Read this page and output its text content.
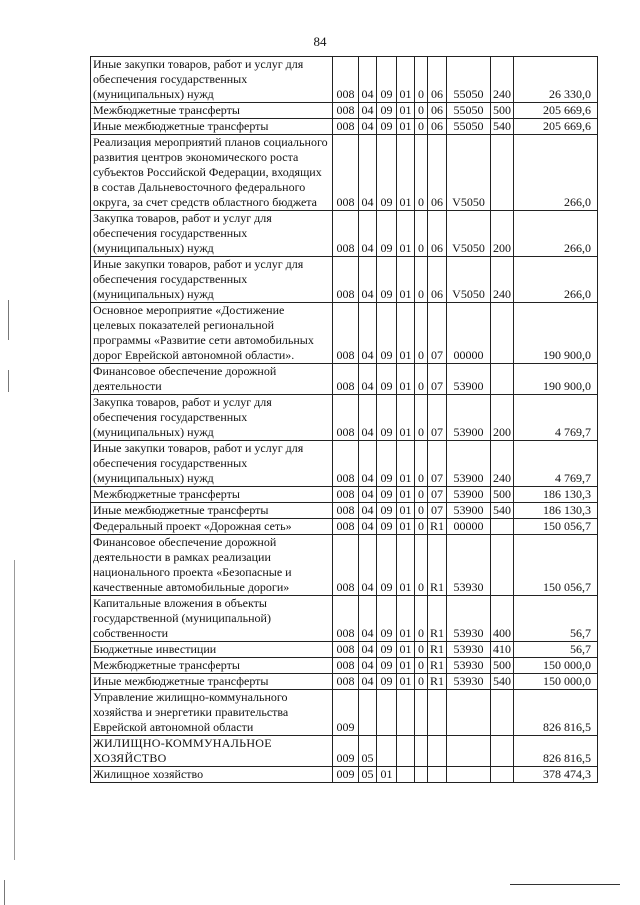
84
Иные закупки товаров, работ и услуг для обеспечения государственных (муниципальных) нужд	008	04	09	01	0	06	55050	240	26 330,0
Межбюджетные трансферты	008	04	09	01	0	06	55050	500	205 669,6
Иные межбюджетные трансферты	008	04	09	01	0	06	55050	540	205 669,6
Реализация мероприятий планов социального развития центров экономического роста субъектов Российской Федерации, входящих в состав Дальневосточного федерального округа, за счет средств областного бюджета	008	04	09	01	0	06	V5050		266,0
Закупка товаров, работ и услуг для обеспечения государственных (муниципальных) нужд	008	04	09	01	0	06	V5050	200	266,0
Иные закупки товаров, работ и услуг для обеспечения государственных (муниципальных) нужд	008	04	09	01	0	06	V5050	240	266,0
Основное мероприятие «Достижение целевых показателей региональной программы «Развитие сети автомобильных дорог Еврейской автономной области».	008	04	09	01	0	07	00000		190 900,0
Финансовое обеспечение дорожной деятельности	008	04	09	01	0	07	53900		190 900,0
Закупка товаров, работ и услуг для обеспечения государственных (муниципальных) нужд	008	04	09	01	0	07	53900	200	4 769,7
Иные закупки товаров, работ и услуг для обеспечения государственных (муниципальных) нужд	008	04	09	01	0	07	53900	240	4 769,7
Межбюджетные трансферты	008	04	09	01	0	07	53900	500	186 130,3
Иные межбюджетные трансферты	008	04	09	01	0	07	53900	540	186 130,3
Федеральный проект «Дорожная сеть»	008	04	09	01	0	R1	00000		150 056,7
Финансовое обеспечение дорожной деятельности в рамках реализации национального проекта «Безопасные и качественные автомобильные дороги»	008	04	09	01	0	R1	53930		150 056,7
Капитальные вложения в объекты государственной (муниципальной) собственности	008	04	09	01	0	R1	53930	400	56,7
Бюджетные инвестиции	008	04	09	01	0	R1	53930	410	56,7
Межбюджетные трансферты	008	04	09	01	0	R1	53930	500	150 000,0
Иные межбюджетные трансферты	008	04	09	01	0	R1	53930	540	150 000,0
Управление жилищно-коммунального хозяйства и энергетики правительства Еврейской автономной области	009								826 816,5
ЖИЛИЩНО-КОММУНАЛЬНОЕ ХОЗЯЙСТВО	009	05							826 816,5
Жилищное хозяйство	009	05	01						378 474,3
